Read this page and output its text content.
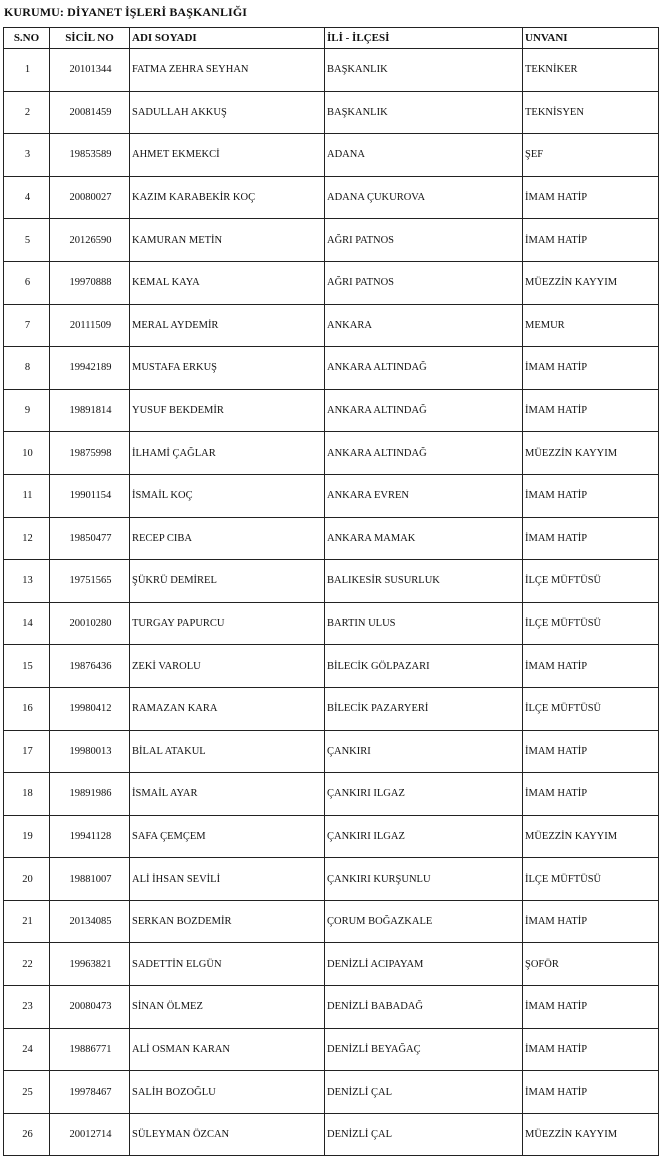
KURUMU: DİYANET İŞLERİ BAŞKANLIĞI
S.NO	SİCİL NO	ADI SOYADI	İLİ - İLÇESİ	UNVANI
1	20101344	FATMA ZEHRA SEYHAN	BAŞKANLIK	TEKNİKER
2	20081459	SADULLAH AKKUŞ	BAŞKANLIK	TEKNİSYEN
3	19853589	AHMET EKMEKCİ	ADANA	ŞEF
4	20080027	KAZIM KARABEKİR KOÇ	ADANA ÇUKUROVA	İMAM HATİP
5	20126590	KAMURAN METİN	AĞRI PATNOS	İMAM HATİP
6	19970888	KEMAL KAYA	AĞRI PATNOS	MÜEZZİN KAYYIM
7	20111509	MERAL AYDEMİR	ANKARA	MEMUR
8	19942189	MUSTAFA ERKUŞ	ANKARA ALTINDAĞ	İMAM HATİP
9	19891814	YUSUF BEKDEMİR	ANKARA ALTINDAĞ	İMAM HATİP
10	19875998	İLHAMİ ÇAĞLAR	ANKARA ALTINDAĞ	MÜEZZİN KAYYIM
11	19901154	İSMAİL KOÇ	ANKARA EVREN	İMAM HATİP
12	19850477	RECEP CIBA	ANKARA MAMAK	İMAM HATİP
13	19751565	ŞÜKRÜ DEMİREL	BALIKESİR SUSURLUK	İLÇE MÜFTÜSÜ
14	20010280	TURGAY PAPURCU	BARTIN ULUS	İLÇE MÜFTÜSÜ
15	19876436	ZEKİ VAROLU	BİLECİK GÖLPAZARI	İMAM HATİP
16	19980412	RAMAZAN KARA	BİLECİK PAZARYERİ	İLÇE MÜFTÜSÜ
17	19980013	BİLAL ATAKUL	ÇANKIRI	İMAM HATİP
18	19891986	İSMAİL AYAR	ÇANKIRI ILGAZ	İMAM HATİP
19	19941128	SAFA ÇEMÇEM	ÇANKIRI ILGAZ	MÜEZZİN KAYYIM
20	19881007	ALİ İHSAN SEVİLİ	ÇANKIRI KURŞUNLU	İLÇE MÜFTÜSÜ
21	20134085	SERKAN BOZDEMİR	ÇORUM BOĞAZKALE	İMAM HATİP
22	19963821	SADETTİN ELGÜN	DENİZLİ ACIPAYAM	ŞOFÖR
23	20080473	SİNAN ÖLMEZ	DENİZLİ BABADAĞ	İMAM HATİP
24	19886771	ALİ OSMAN KARAN	DENİZLİ BEYAĞAÇ	İMAM HATİP
25	19978467	SALİH BOZOĞLU	DENİZLİ ÇAL	İMAM HATİP
26	20012714	SÜLEYMAN ÖZCAN	DENİZLİ ÇAL	MÜEZZİN KAYYIM
